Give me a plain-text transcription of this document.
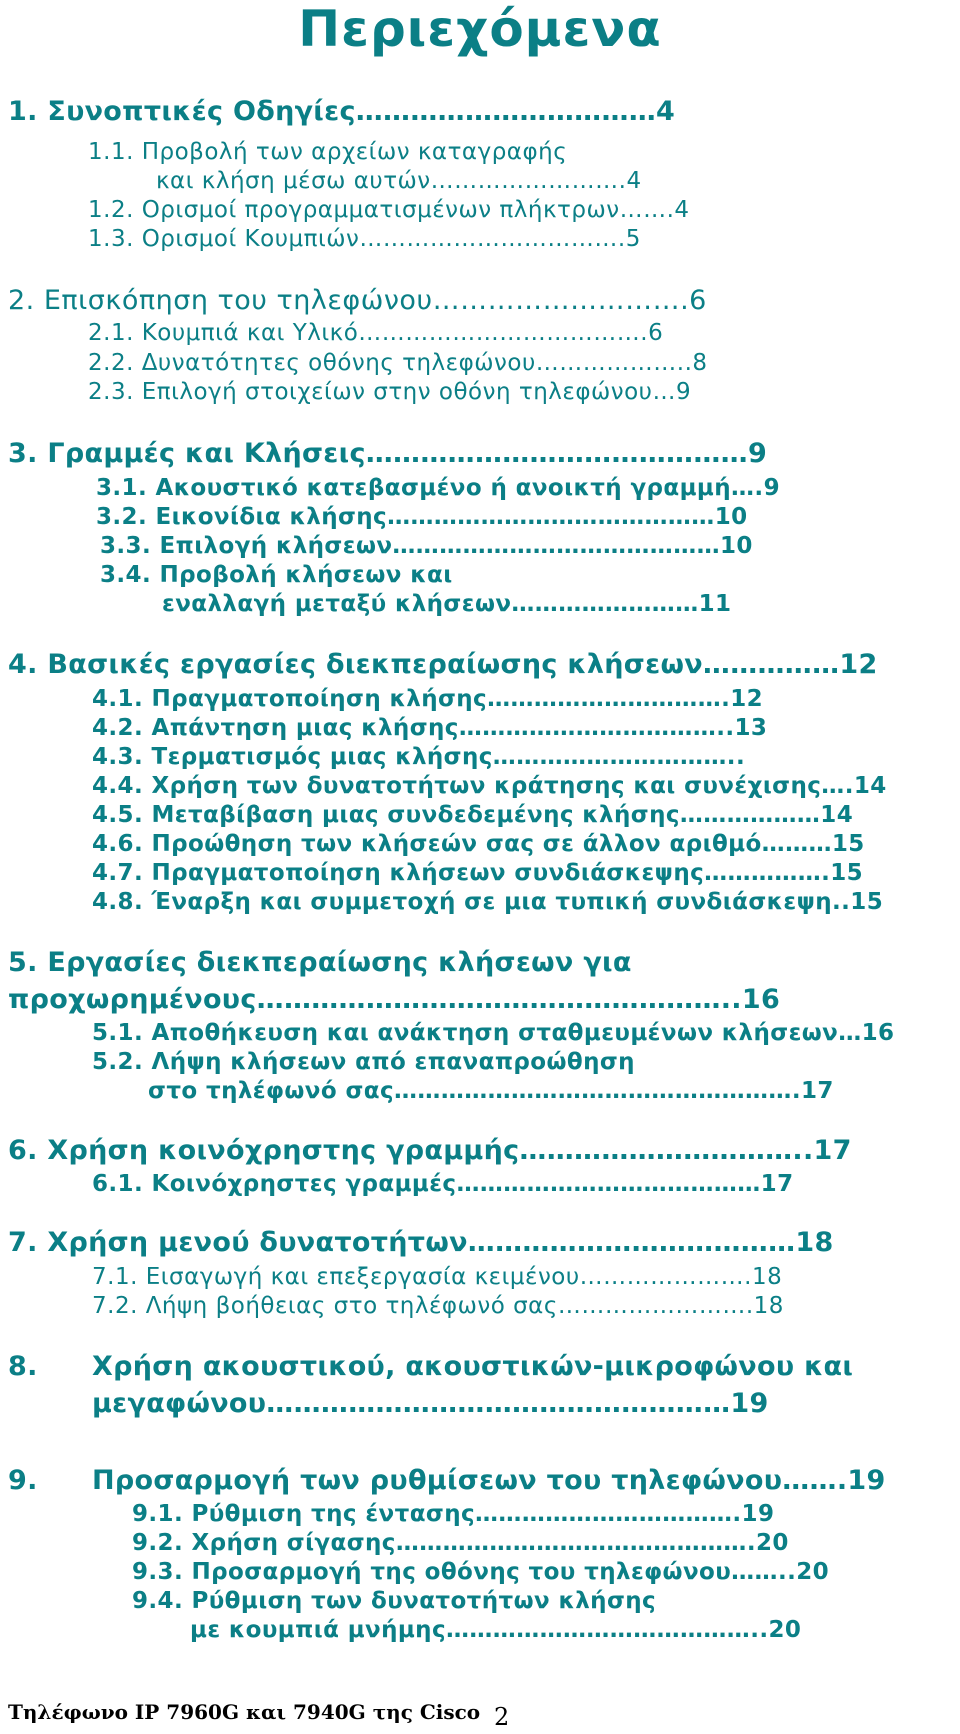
Περιεχόμενα
1. Συνοπτικές Οδηγίες……………………………4
1.1. Προβολή των αρχείων καταγραφής
και κλήση μέσω αυτών…………………….4
1.2. Ορισμοί προγραμματισμένων πλήκτρων…….4
1.3. Ορισμοί Κουμπιών…………………………….5
2. Επισκόπηση του τηλεφώνου……………………….6
2.1. Κουμπιά και Υλικό……………………………….6
2.2. Δυνατότητες οθόνης τηλεφώνου………………..8
2.3. Επιλογή στοιχείων στην οθόνη τηλεφώνου…9
3. Γραμμές και Κλήσεις……………………………………9
3.1. Ακουστικό κατεβασμένο ή ανοικτή γραμμή….9
3.2. Εικονίδια κλήσης……………………………………10
3.3. Επιλογή κλήσεων……………………………………10
3.4. Προβολή κλήσεων και
εναλλαγή μεταξύ κλήσεων……………………11
4. Βασικές εργασίες διεκπεραίωσης κλήσεων……………12
4.1. Πραγματοποίηση κλήσης………………………….12
4.2. Απάντηση μιας κλήσης……………………………..13
4.3. Τερματισμός μιας κλήσης…………………………..
4.4. Χρήση των δυνατοτήτων κράτησης και συνέχισης….14
4.5. Μεταβίβαση μιας συνδεδεμένης κλήσης………………14
4.6. Προώθηση των κλήσεών σας σε άλλον αριθμό………15
4.7. Πραγματοποίηση κλήσεων συνδιάσκεψης…………….15
4.8. Έναρξη και συμμετοχή σε μια τυπική συνδιάσκεψη..15
5. Εργασίες διεκπεραίωσης κλήσεων για
προχωρημένους……………………………………………..16
5.1. Αποθήκευση και ανάκτηση σταθμευμένων κλήσεων…16
5.2. Λήψη κλήσεων από επαναπροώθηση
στο τηλέφωνό σας…………………………………………….17
6. Χρήση κοινόχρηστης γραμμής…………………………..17
6.1. Κοινόχρηστες γραμμές…………………………………17
7. Χρήση μενού δυνατοτήτων………………………………18
7.1. Εισαγωγή και επεξεργασία κειμένου………………….18
7.2. Λήψη βοήθειας στο τηλέφωνό σας…………………….18
8. Χρήση ακουστικού, ακουστικών-μικροφώνου και
μεγαφώνου……………………………………………19
9. Προσαρμογή των ρυθμίσεων του τηλεφώνου…….19
9.1. Ρύθμιση της έντασης…………………………….19
9.2. Χρήση σίγασης……………………………………….20
9.3. Προσαρμογή της οθόνης του τηλεφώνου……..20
9.4. Ρύθμιση των δυνατοτήτων κλήσης
με κουμπιά μνήμης…………………………………..20
Τηλέφωνο IP 7960G και 7940G της Cisco 2
